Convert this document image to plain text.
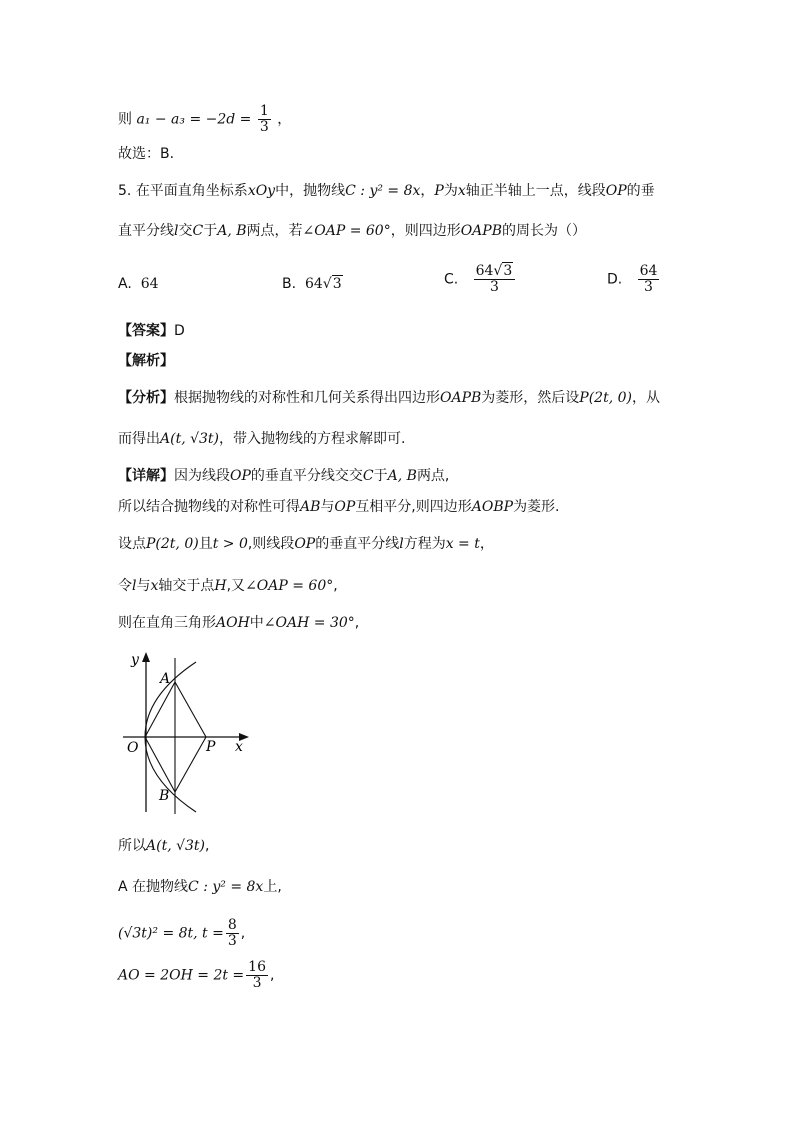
则 $a_1 - a_3 = -2d = \frac{1}{3}$ ，
故选：B.
5. 在平面直角坐标系xOy中，抛物线C : y² = 8x，P为x轴正半轴上一点，线段OP的垂
直平分线l交C于A, B两点，若∠OAP = 60°，则四边形OAPB的周长为（）
A. 64	B. 64√3	C. $\frac{64√3}{3}$	D. $\frac{64}{3}$
【答案】D
【解析】
【分析】根据抛物线的对称性和几何关系得出四边形OAPB为菱形，然后设P(2t, 0)，从
而得出A(t, √3t)，带入抛物线的方程求解即可.
【详解】因为线段OP的垂直平分线交交C于A, B两点,
所以结合抛物线的对称性可得AB与OP互相平分,则四边形AOBP为菱形.
设点P(2t, 0)且t > 0,则线段OP的垂直平分线l方程为x = t，
令l与x轴交于点H,又∠OAP = 60°,
则在直角三角形AOH中∠OAH = 30°,
y
x
O
A
B
P
所以A(t, √3t),
A 在抛物线C : y² = 8x上,
(√3t)² = 8t, $t = \frac{8}{3}$ ,
AO = $2OH = 2t = \frac{16}{3}$ ,
